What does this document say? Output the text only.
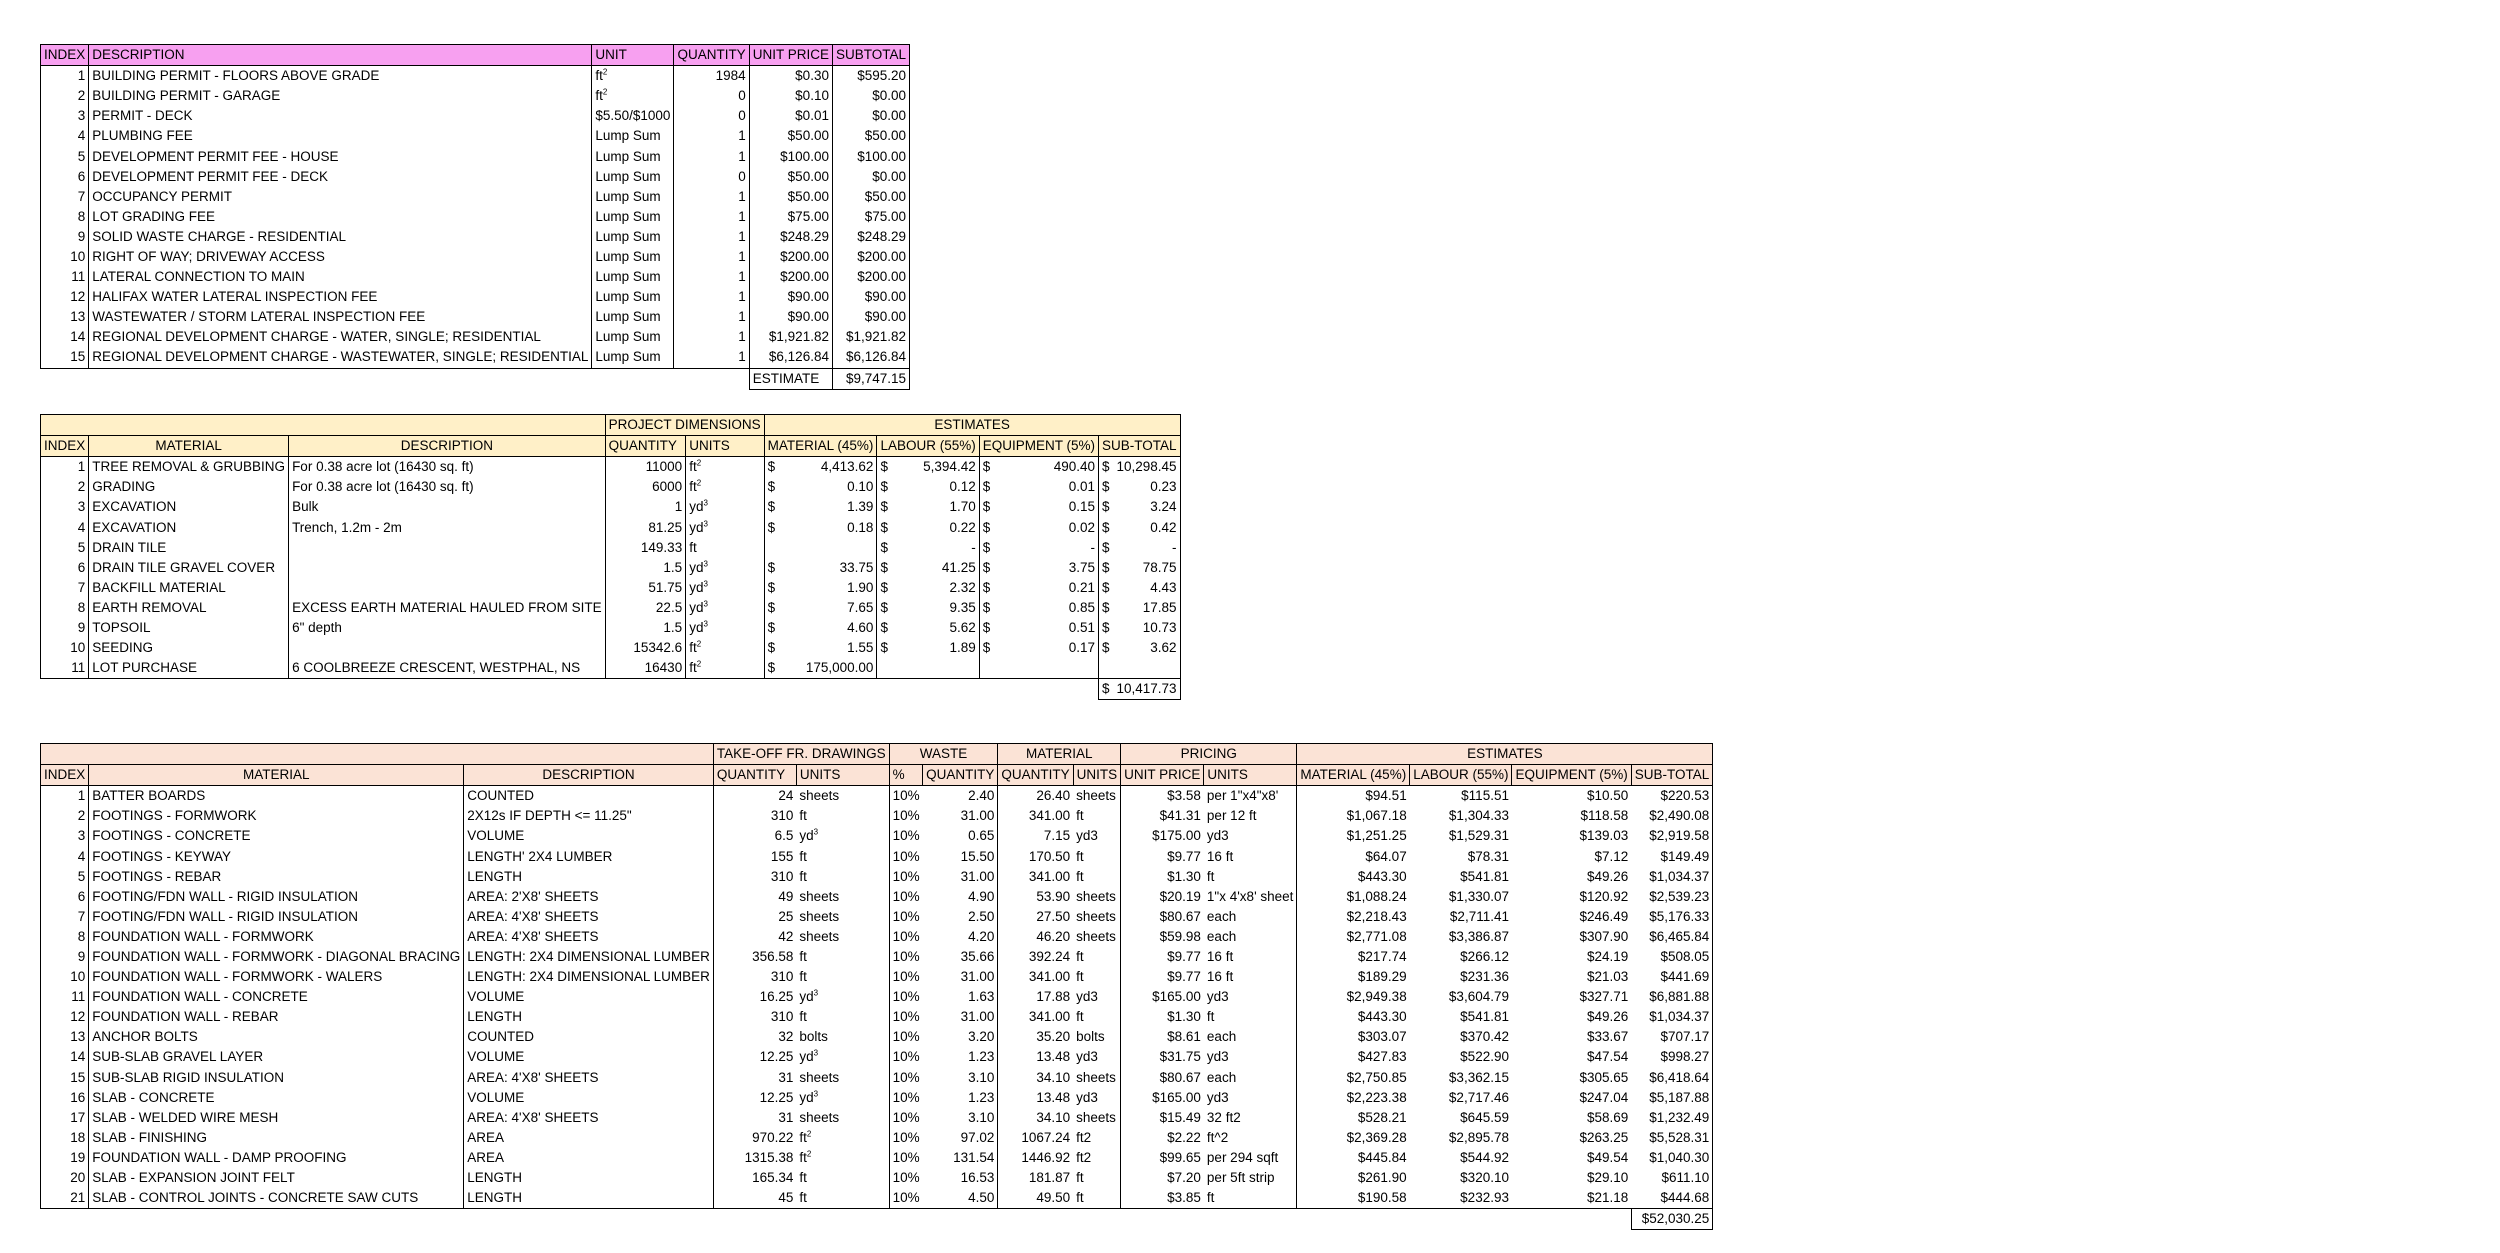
INDEX	DESCRIPTION	UNIT	QUANTITY	UNIT PRICE	SUBTOTAL
1	BUILDING PERMIT - FLOORS ABOVE GRADE	$ft^2$	1984	$0.30	$595.20
2	BUILDING PERMIT - GARAGE	$ft^2$	0	$0.10	$0.00
3	PERMIT - DECK	$5.50/$1000	0	$0.01	$0.00
4	PLUMBING FEE	Lump Sum	1	$50.00	$50.00
5	DEVELOPMENT PERMIT FEE - HOUSE	Lump Sum	1	$100.00	$100.00
6	DEVELOPMENT PERMIT FEE - DECK	Lump Sum	0	$50.00	$0.00
7	OCCUPANCY PERMIT	Lump Sum	1	$50.00	$50.00
8	LOT GRADING FEE	Lump Sum	1	$75.00	$75.00
9	SOLID WASTE CHARGE - RESIDENTIAL	Lump Sum	1	$248.29	$248.29
10	RIGHT OF WAY; DRIVEWAY ACCESS	Lump Sum	1	$200.00	$200.00
11	LATERAL CONNECTION TO MAIN	Lump Sum	1	$200.00	$200.00
12	HALIFAX WATER LATERAL INSPECTION FEE	Lump Sum	1	$90.00	$90.00
13	WASTEWATER / STORM LATERAL INSPECTION FEE	Lump Sum	1	$90.00	$90.00
14	REGIONAL DEVELOPMENT CHARGE - WATER, SINGLE; RESIDENTIAL	Lump Sum	1	$1,921.82	$1,921.82
15	REGIONAL DEVELOPMENT CHARGE - WASTEWATER, SINGLE; RESIDENTIAL	Lump Sum	1	$6,126.84	$6,126.84
				ESTIMATE	$9,747.15
			PROJECT DIMENSIONS		ESTIMATES			
INDEX	MATERIAL	DESCRIPTION	QUANTITY	UNITS	MATERIAL (45%)	LABOUR (55%)	EQUIPMENT (5%)	SUB-TOTAL
1	TREE REMOVAL & GRUBBING	For 0.38 acre lot (16430 sq. ft)	11000	$ft^2$	$ 4,413.62	$ 5,394.42	$ 490.40	$ 10,298.45

2	GRADING	For 0.38 acre lot (16430 sq. ft)	6000	$ft^2$	$ 0.10	$ 0.12	$ 0.01	$ 0.23

3	EXCAVATION	Bulk	1	$yd^3$	$ 1.39	$ 1.70	$ 0.15	$ 3.24

4	EXCAVATION	Trench, 1.2m - 2m	81.25	$yd^3$	$ 0.18	$ 0.22	$ 0.02	$ 0.42

5	DRAIN TILE		149.33	ft		$ -	$ -	$ -

6	DRAIN TILE GRAVEL COVER		1.5	$yd^3$	$ 33.75	$ 41.25	$ 3.75	$ 78.75

7	BACKFILL MATERIAL		51.75	$yd^3$	$ 1.90	$ 2.32	$ 0.21	$ 4.43

8	EARTH REMOVAL	EXCESS EARTH MATERIAL HAULED FROM SITE	22.5	$yd^3$	$ 7.65	$ 9.35	$ 0.85	$ 17.85

9	TOPSOIL	6" depth	1.5	$yd^3$	$ 4.60	$ 5.62	$ 0.51	$ 10.73

10	SEEDING		15342.6	$ft^2$	$ 1.55	$ 1.89	$ 0.17	$ 3.62

11	LOT PURCHASE	6 COOLBREEZE CRESCENT, WESTPHAL, NS	16430	$ft^2$	$ 175,000.00			

								$ 10,417.73
			TAKE-OFF FR. DRAWINGS		WASTE		MATERIAL		PRICING		ESTIMATES			
INDEX	MATERIAL	DESCRIPTION	QUANTITY	UNITS	%	QUANTITY	QUANTITY	UNITS	UNIT PRICE	UNITS	MATERIAL (45%)	LABOUR (55%)	EQUIPMENT (5%)	SUB-TOTAL
1	BATTER BOARDS	COUNTED	24	sheets	10%	2.40	26.40	sheets	$3.58	per 1"x4"x8'	$94.51	$115.51	$10.50	$220.53
2	FOOTINGS - FORMWORK	2X12s IF DEPTH <= 11.25"	310	ft	10%	31.00	341.00	ft	$41.31	per 12 ft	$1,067.18	$1,304.33	$118.58	$2,490.08
3	FOOTINGS - CONCRETE	VOLUME	6.5	$yd^3$	10%	0.65	7.15	yd3	$175.00	yd3	$1,251.25	$1,529.31	$139.03	$2,919.58
4	FOOTINGS - KEYWAY	LENGTH' 2X4 LUMBER	155	ft	10%	15.50	170.50	ft	$9.77	16 ft	$64.07	$78.31	$7.12	$149.49
5	FOOTINGS - REBAR	LENGTH	310	ft	10%	31.00	341.00	ft	$1.30	ft	$443.30	$541.81	$49.26	$1,034.37
6	FOOTING/FDN WALL - RIGID INSULATION	AREA: 2'X8' SHEETS	49	sheets	10%	4.90	53.90	sheets	$20.19	1"x 4'x8' sheet	$1,088.24	$1,330.07	$120.92	$2,539.23
7	FOOTING/FDN WALL - RIGID INSULATION	AREA: 4'X8' SHEETS	25	sheets	10%	2.50	27.50	sheets	$80.67	each	$2,218.43	$2,711.41	$246.49	$5,176.33
8	FOUNDATION WALL - FORMWORK	AREA: 4'X8' SHEETS	42	sheets	10%	4.20	46.20	sheets	$59.98	each	$2,771.08	$3,386.87	$307.90	$6,465.84
9	FOUNDATION WALL - FORMWORK - DIAGONAL BRACING	LENGTH: 2X4 DIMENSIONAL LUMBER	356.58	ft	10%	35.66	392.24	ft	$9.77	16 ft	$217.74	$266.12	$24.19	$508.05
10	FOUNDATION WALL - FORMWORK - WALERS	LENGTH: 2X4 DIMENSIONAL LUMBER	310	ft	10%	31.00	341.00	ft	$9.77	16 ft	$189.29	$231.36	$21.03	$441.69
11	FOUNDATION WALL - CONCRETE	VOLUME	16.25	$yd^3$	10%	1.63	17.88	yd3	$165.00	yd3	$2,949.38	$3,604.79	$327.71	$6,881.88
12	FOUNDATION WALL - REBAR	LENGTH	310	ft	10%	31.00	341.00	ft	$1.30	ft	$443.30	$541.81	$49.26	$1,034.37
13	ANCHOR BOLTS	COUNTED	32	bolts	10%	3.20	35.20	bolts	$8.61	each	$303.07	$370.42	$33.67	$707.17
14	SUB-SLAB GRAVEL LAYER	VOLUME	12.25	$yd^3$	10%	1.23	13.48	yd3	$31.75	yd3	$427.83	$522.90	$47.54	$998.27
15	SUB-SLAB RIGID INSULATION	AREA: 4'X8' SHEETS	31	sheets	10%	3.10	34.10	sheets	$80.67	each	$2,750.85	$3,362.15	$305.65	$6,418.64
16	SLAB - CONCRETE	VOLUME	12.25	$yd^3$	10%	1.23	13.48	yd3	$165.00	yd3	$2,223.38	$2,717.46	$247.04	$5,187.88
17	SLAB - WELDED WIRE MESH	AREA: 4'X8' SHEETS	31	sheets	10%	3.10	34.10	sheets	$15.49	32 ft2	$528.21	$645.59	$58.69	$1,232.49
18	SLAB - FINISHING	AREA	970.22	$ft^2$	10%	97.02	1067.24	ft2	$2.22	ft^2	$2,369.28	$2,895.78	$263.25	$5,528.31
19	FOUNDATION WALL - DAMP PROOFING	AREA	1315.38	$ft^2$	10%	131.54	1446.92	ft2	$99.65	per 294 sqft	$445.84	$544.92	$49.54	$1,040.30
20	SLAB - EXPANSION JOINT FELT	LENGTH	165.34	ft	10%	16.53	181.87	ft	$7.20	per 5ft strip	$261.90	$320.10	$29.10	$611.10
21	SLAB - CONTROL JOINTS - CONCRETE SAW CUTS	LENGTH	45	ft	10%	4.50	49.50	ft	$3.85	ft	$190.58	$232.93	$21.18	$444.68
														$52,030.25
